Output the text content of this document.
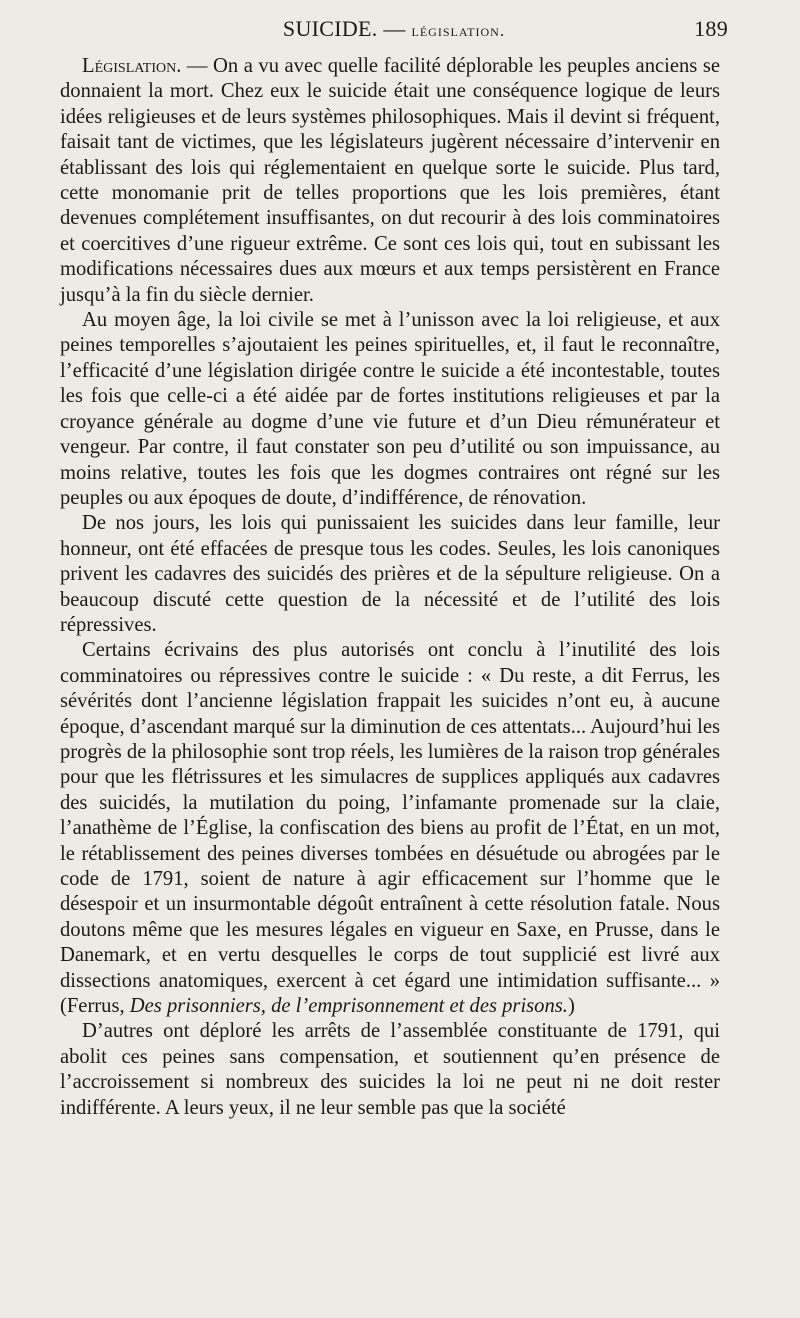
SUICIDE. — législation.	189

Législation. — On a vu avec quelle facilité déplorable les peuples anciens se donnaient la mort. Chez eux le suicide était une conséquence logique de leurs idées religieuses et de leurs systèmes philosophiques. Mais il devint si fréquent, faisait tant de victimes, que les législateurs jugèrent nécessaire d’intervenir en établissant des lois qui réglementaient en quelque sorte le suicide. Plus tard, cette monomanie prit de telles proportions que les lois premières, étant devenues complétement insuffisantes, on dut recourir à des lois comminatoires et coercitives d’une rigueur extrême. Ce sont ces lois qui, tout en subissant les modifications nécessaires dues aux mœurs et aux temps persistèrent en France jusqu’à la fin du siècle dernier.

Au moyen âge, la loi civile se met à l’unisson avec la loi religieuse, et aux peines temporelles s’ajoutaient les peines spirituelles, et, il faut le reconnaître, l’efficacité d’une législation dirigée contre le suicide a été incontestable, toutes les fois que celle-ci a été aidée par de fortes institutions religieuses et par la croyance générale au dogme d’une vie future et d’un Dieu rémunérateur et vengeur. Par contre, il faut constater son peu d’utilité ou son impuissance, au moins relative, toutes les fois que les dogmes contraires ont régné sur les peuples ou aux époques de doute, d’indifférence, de rénovation.

De nos jours, les lois qui punissaient les suicides dans leur famille, leur honneur, ont été effacées de presque tous les codes. Seules, les lois canoniques privent les cadavres des suicidés des prières et de la sépulture religieuse. On a beaucoup discuté cette question de la nécessité et de l’utilité des lois répressives.

Certains écrivains des plus autorisés ont conclu à l’inutilité des lois comminatoires ou répressives contre le suicide : « Du reste, a dit Ferrus, les sévérités dont l’ancienne législation frappait les suicides n’ont eu, à aucune époque, d’ascendant marqué sur la diminution de ces attentats... Aujourd’hui les progrès de la philosophie sont trop réels, les lumières de la raison trop générales pour que les flétrissures et les simulacres de supplices appliqués aux cadavres des suicidés, la mutilation du poing, l’infamante promenade sur la claie, l’anathème de l’Église, la confiscation des biens au profit de l’État, en un mot, le rétablissement des peines diverses tombées en désuétude ou abrogées par le code de 1791, soient de nature à agir efficacement sur l’homme que le désespoir et un insurmontable dégoût entraînent à cette résolution fatale. Nous doutons même que les mesures légales en vigueur en Saxe, en Prusse, dans le Danemark, et en vertu desquelles le corps de tout supplicié est livré aux dissections anatomiques, exercent à cet égard une intimidation suffisante... » (Ferrus, Des prisonniers, de l’emprisonnement et des prisons.)

D’autres ont déploré les arrêts de l’assemblée constituante de 1791, qui abolit ces peines sans compensation, et soutiennent qu’en présence de l’accroissement si nombreux des suicides la loi ne peut ni ne doit rester indifférente. A leurs yeux, il ne leur semble pas que la société
